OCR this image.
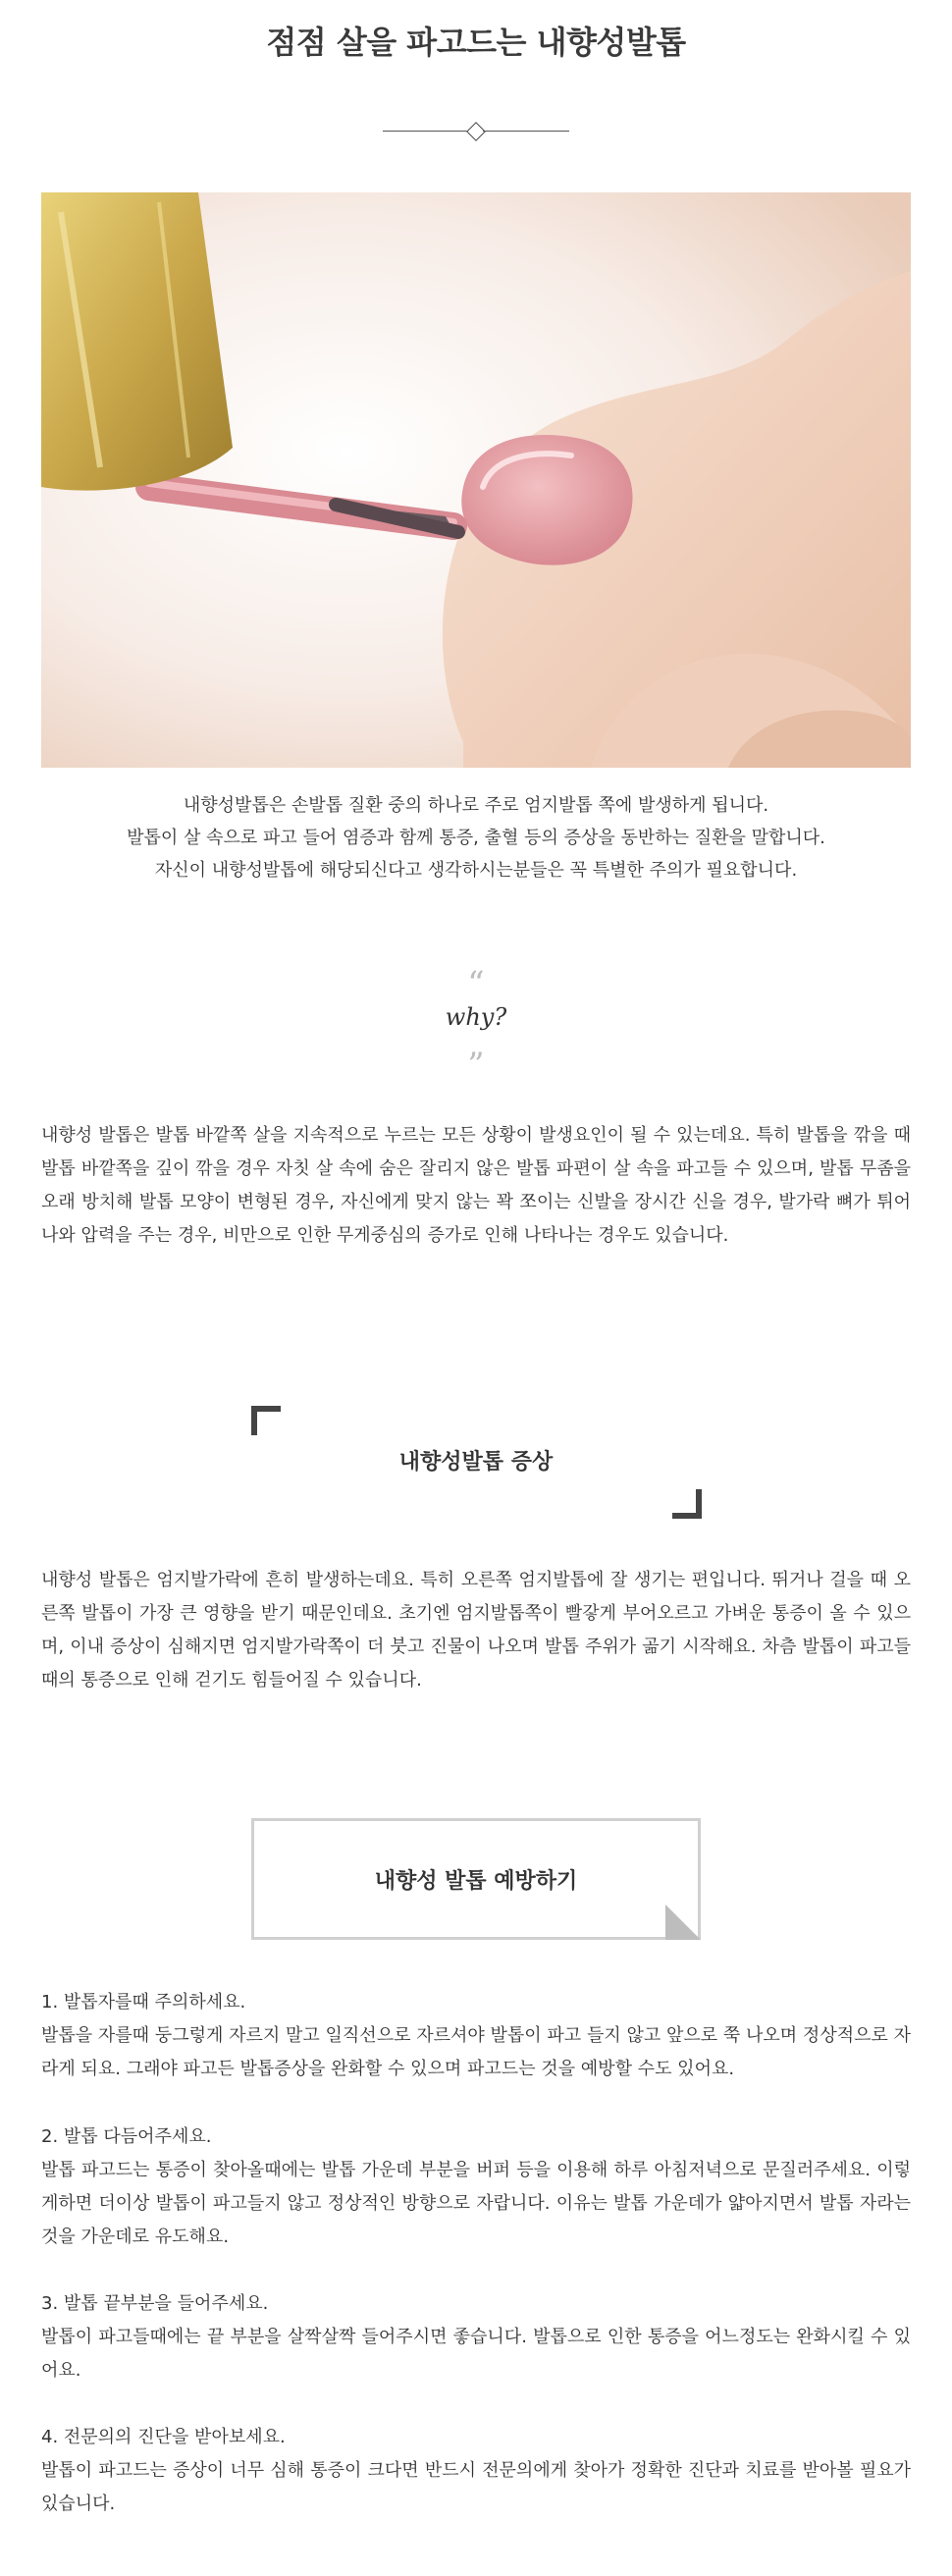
점점 살을 파고드는 내향성발톱

내향성발톱은 손발톱 질환 중의 하나로 주로 엄지발톱 쪽에 발생하게 됩니다.

발톱이 살 속으로 파고 들어 염증과 함께 통증, 출혈 등의 증상을 동반하는 질환을 말합니다.

자신이 내향성발톱에 해당되신다고 생각하시는분들은 꼭 특별한 주의가 필요합니다.

“
why?
”

내향성 발톱은 발톱 바깥쪽 살을 지속적으로 누르는 모든 상황이 발생요인이 될 수 있는데요. 특히 발톱을 깎을 때 발톱 바깥쪽을 깊이 깎을 경우 자칫 살 속에 숨은 잘리지 않은 발톱 파편이 살 속을 파고들 수 있으며, 발톱 무좀을 오래 방치해 발톱 모양이 변형된 경우, 자신에게 맞지 않는 꽉 쪼이는 신발을 장시간 신을 경우, 발가락 뼈가 튀어나와 압력을 주는 경우, 비만으로 인한 무게중심의 증가로 인해 나타나는 경우도 있습니다.

내향성발톱 증상

내향성 발톱은 엄지발가락에 흔히 발생하는데요. 특히 오른쪽 엄지발톱에 잘 생기는 편입니다. 뛰거나 걸을 때 오른쪽 발톱이 가장 큰 영향을 받기 때문인데요. 초기엔 엄지발톱쪽이 빨갛게 부어오르고 가벼운 통증이 올 수 있으며, 이내 증상이 심해지면 엄지발가락쪽이 더 붓고 진물이 나오며 발톱 주위가 곪기 시작해요. 차츰 발톱이 파고들때의 통증으로 인해 걷기도 힘들어질 수 있습니다.

내향성 발톱 예방하기

1. 발톱자를때 주의하세요.

발톱을 자를때 둥그렇게 자르지 말고 일직선으로 자르셔야 발톱이 파고 들지 않고 앞으로 쭉 나오며 정상적으로 자라게 되요. 그래야 파고든 발톱증상을 완화할 수 있으며 파고드는 것을 예방할 수도 있어요.

2. 발톱 다듬어주세요.

발톱 파고드는 통증이 찾아올때에는 발톱 가운데 부분을 버퍼 등을 이용해 하루 아침저녁으로 문질러주세요. 이렇게하면 더이상 발톱이 파고들지 않고 정상적인 방향으로 자랍니다. 이유는 발톱 가운데가 얇아지면서 발톱 자라는 것을 가운데로 유도해요.

3. 발톱 끝부분을 들어주세요.

발톱이 파고들때에는 끝 부분을 살짝살짝 들어주시면 좋습니다. 발톱으로 인한 통증을 어느정도는 완화시킬 수 있어요.

4. 전문의의 진단을 받아보세요.

발톱이 파고드는 증상이 너무 심해 통증이 크다면 반드시 전문의에게 찾아가 정확한 진단과 치료를 받아볼 필요가 있습니다.
